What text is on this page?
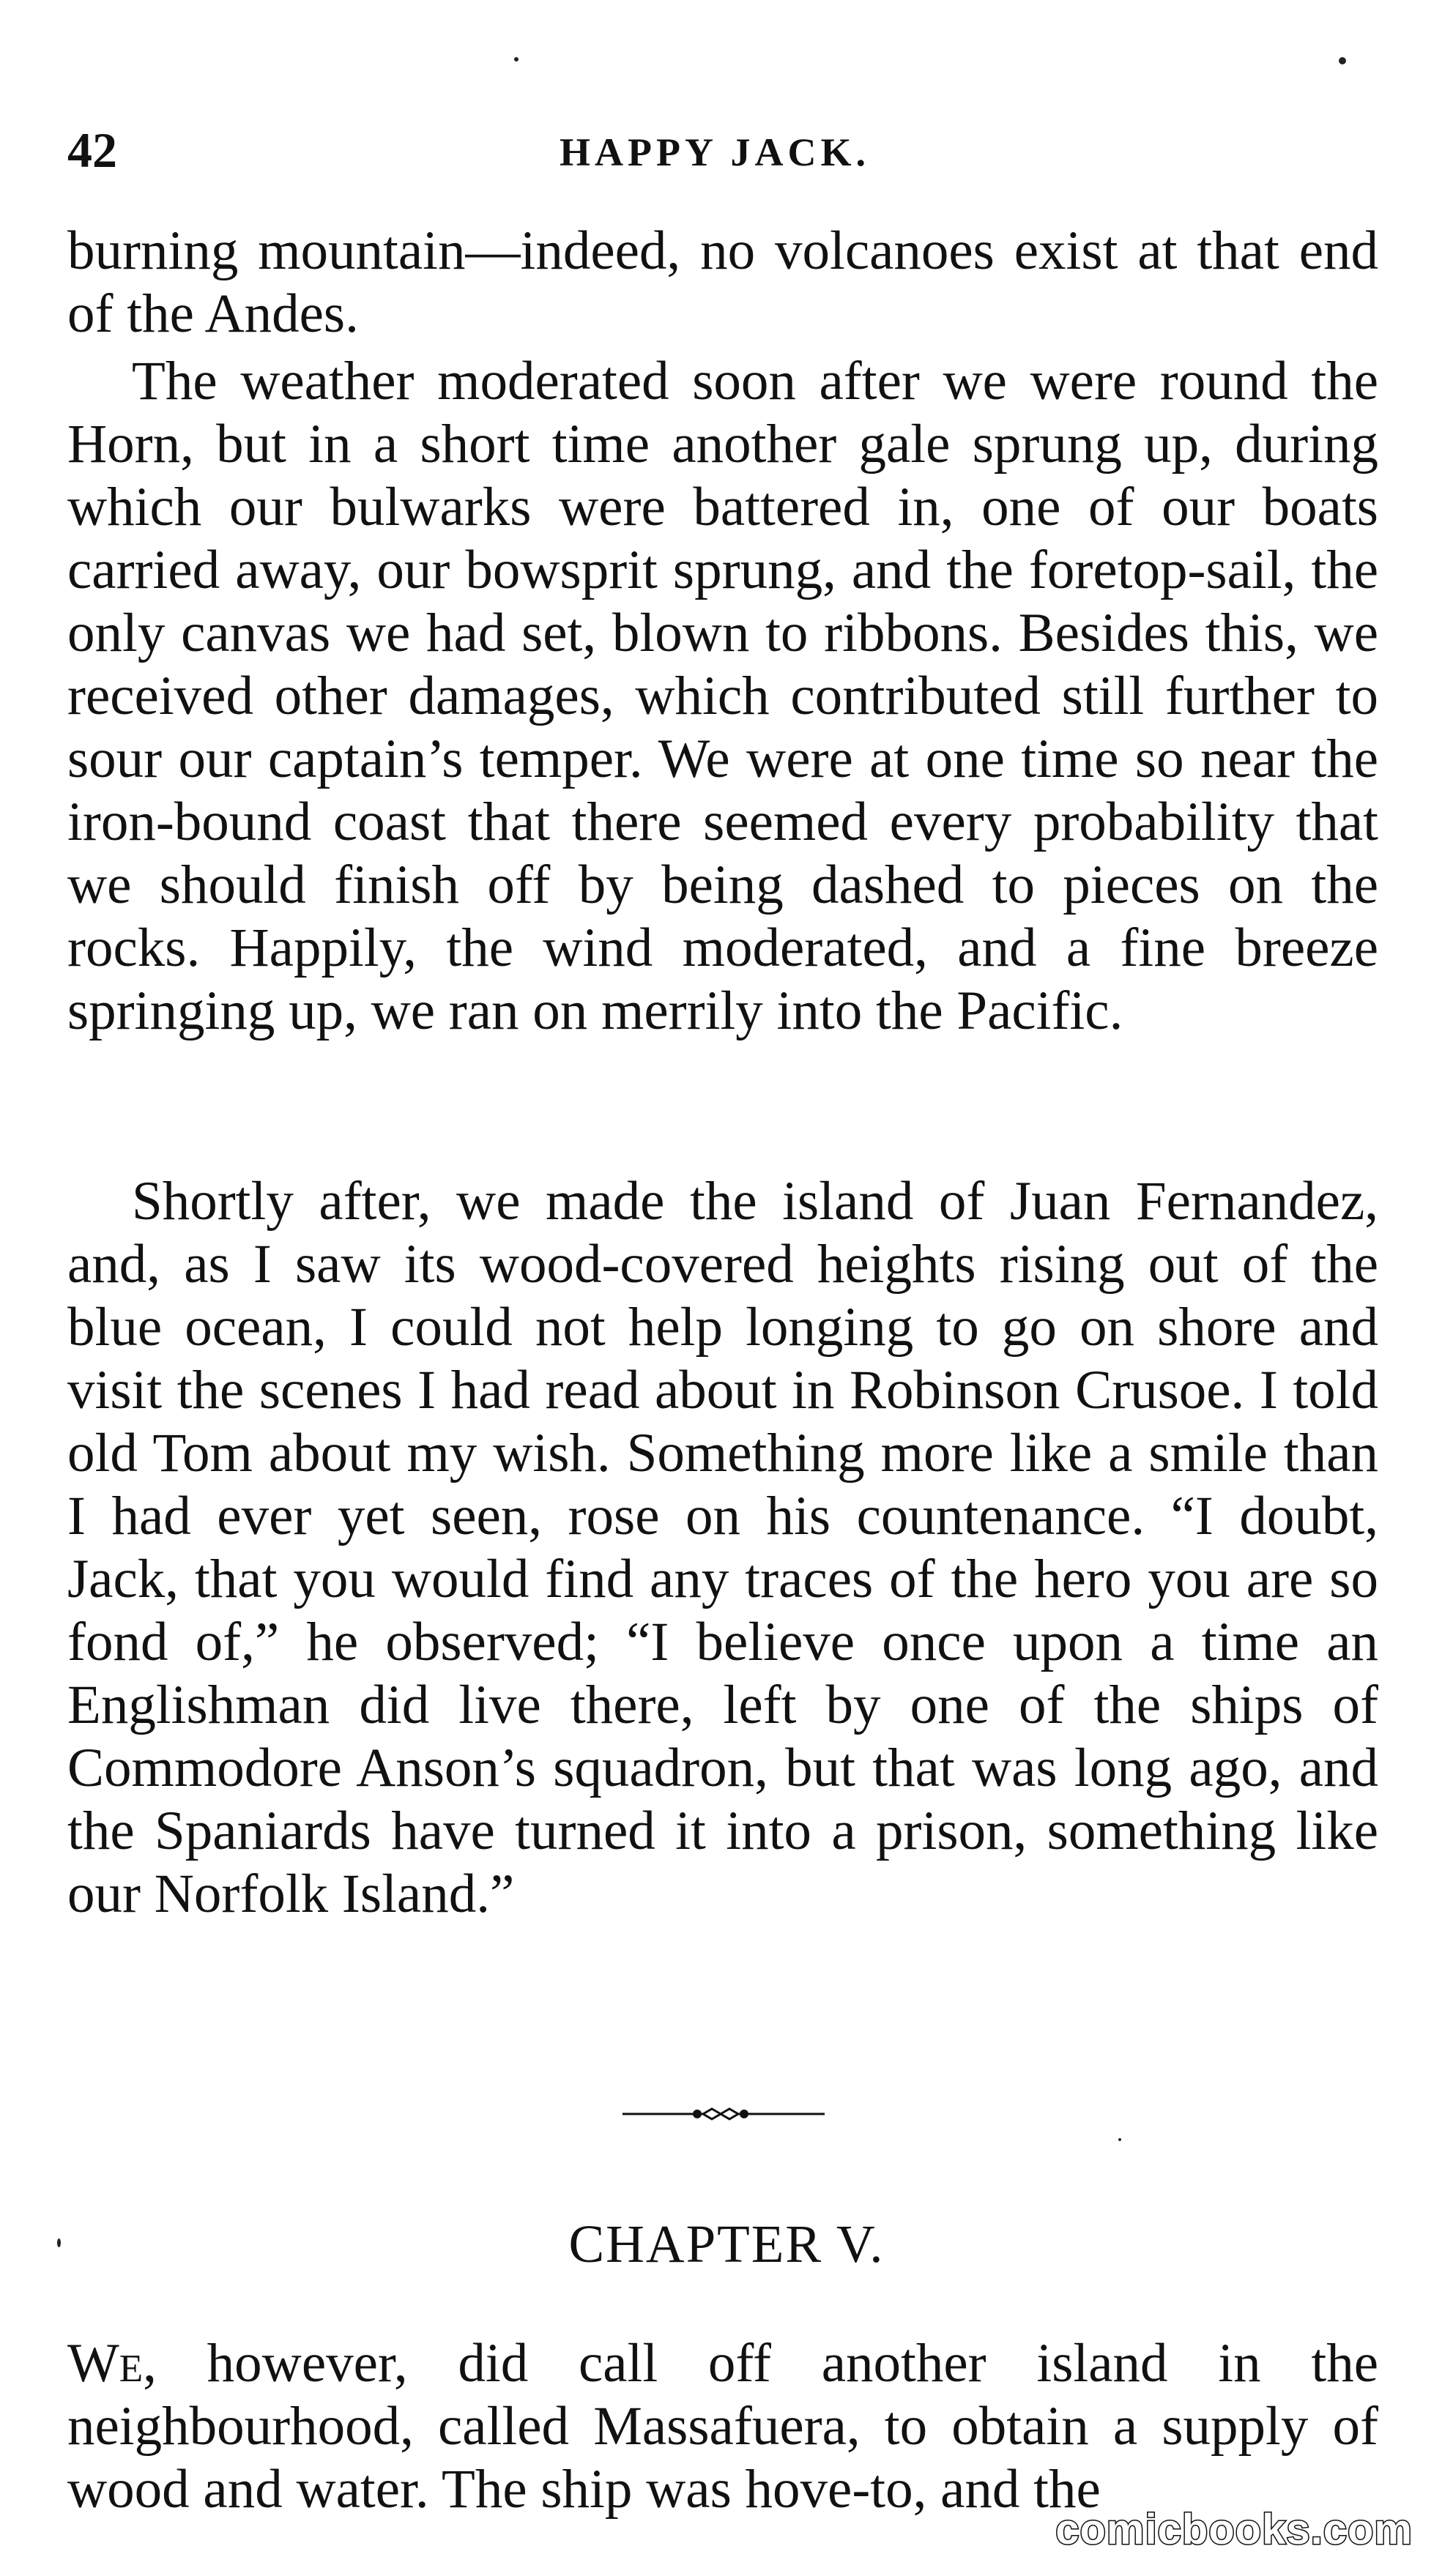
42	HAPPY JACK.

burning mountain—indeed, no volcanoes exist at that end of the Andes.

The weather moderated soon after we were round the Horn, but in a short time another gale sprung up, during which our bulwarks were battered in, one of our boats carried away, our bowsprit sprung, and the foretop-sail, the only canvas we had set, blown to ribbons. Besides this, we received other damages, which contributed still further to sour our captain’s temper. We were at one time so near the iron-bound coast that there seemed every probability that we should finish off by being dashed to pieces on the rocks. Happily, the wind moderated, and a fine breeze springing up, we ran on merrily into the Pacific.

Shortly after, we made the island of Juan Fernandez, and, as I saw its wood-covered heights rising out of the blue ocean, I could not help longing to go on shore and visit the scenes I had read about in Robinson Crusoe. I told old Tom about my wish. Something more like a smile than I had ever yet seen, rose on his countenance. “I doubt, Jack, that you would find any traces of the hero you are so fond of,” he observed; “I believe once upon a time an Englishman did live there, left by one of the ships of Commodore Anson’s squadron, but that was long ago, and the Spaniards have turned it into a prison, something like our Norfolk Island.”

CHAPTER V.

We, however, did call off another island in the neighbourhood, called Massafuera, to obtain a supply of wood and water. The ship was hove-to, and the

comicbooks.com
